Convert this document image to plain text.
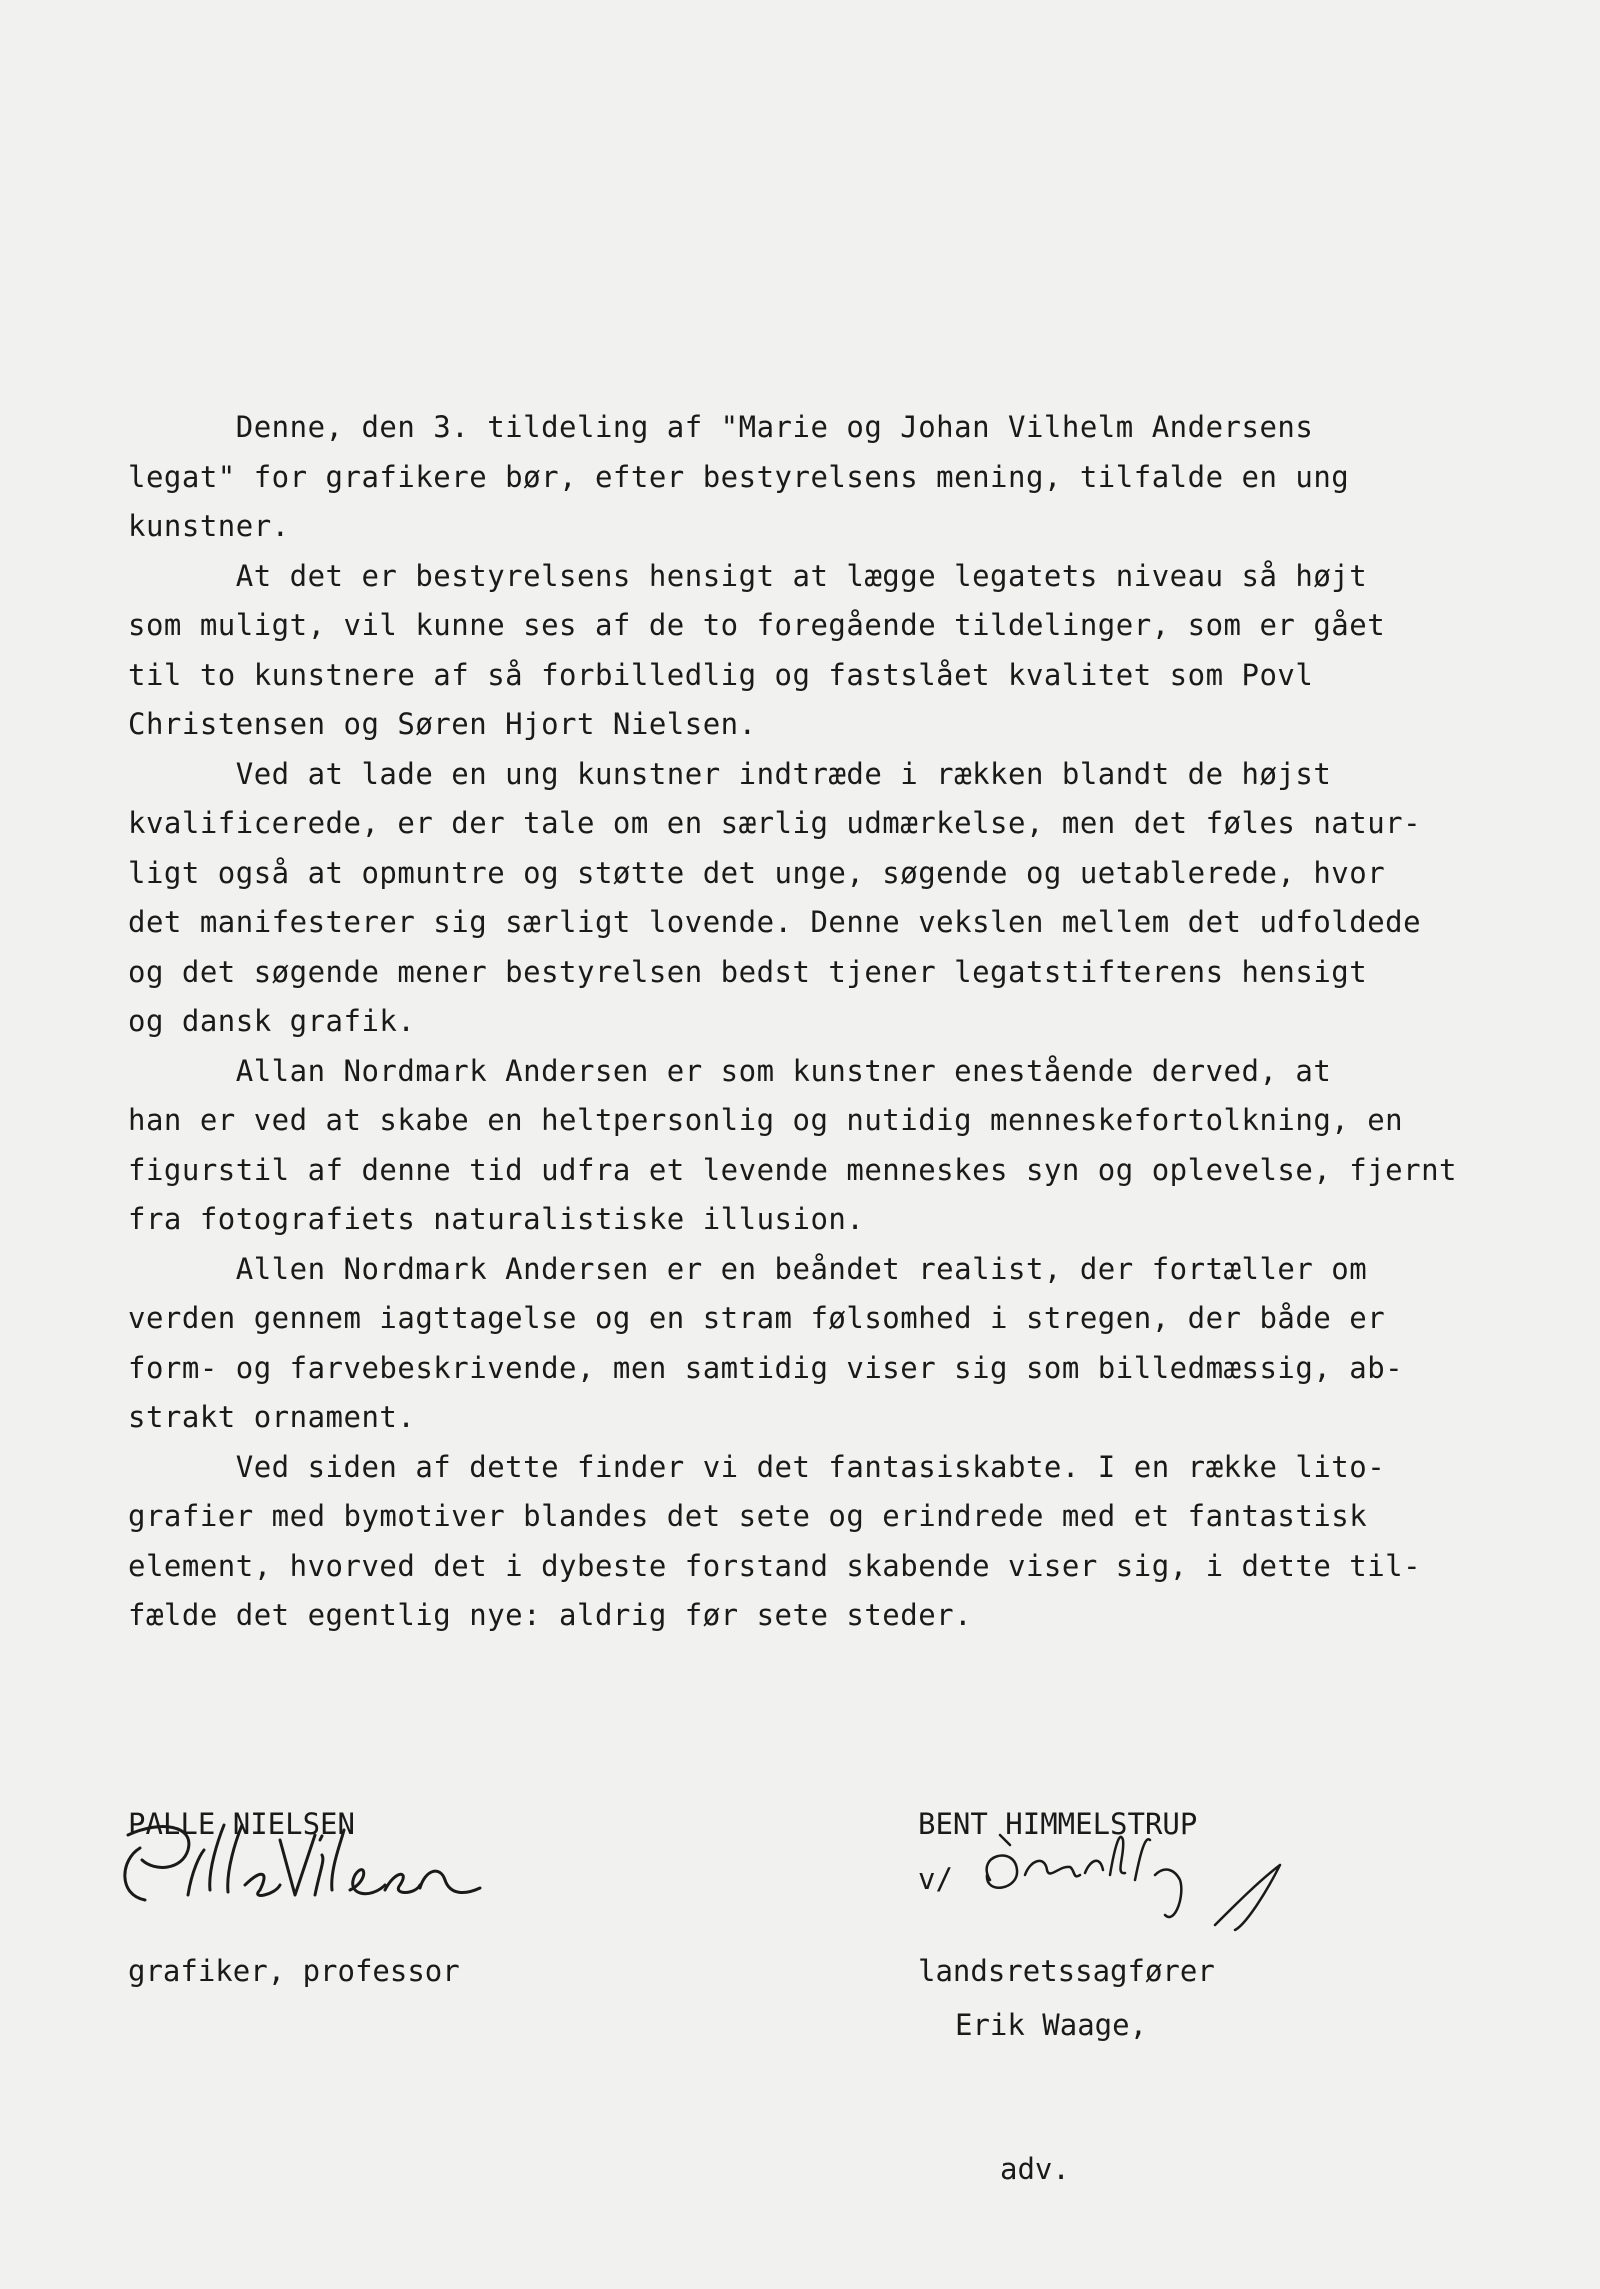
Denne, den 3. tildeling af "Marie og Johan Vilhelm Andersens
legat" for grafikere bør, efter bestyrelsens mening, tilfalde en ung
kunstner.
At det er bestyrelsens hensigt at lægge legatets niveau så højt
som muligt, vil kunne ses af de to foregående tildelinger, som er gået
til to kunstnere af så forbilledlig og fastslået kvalitet som Povl
Christensen og Søren Hjort Nielsen.
Ved at lade en ung kunstner indtræde i rækken blandt de højst
kvalificerede, er der tale om en særlig udmærkelse, men det føles natur-
ligt også at opmuntre og støtte det unge, søgende og uetablerede, hvor
det manifesterer sig særligt lovende. Denne vekslen mellem det udfoldede
og det søgende mener bestyrelsen bedst tjener legatstifterens hensigt
og dansk grafik.
Allan Nordmark Andersen er som kunstner enestående derved, at
han er ved at skabe en heltpersonlig og nutidig menneskefortolkning, en
figurstil af denne tid udfra et levende menneskes syn og oplevelse, fjernt
fra fotografiets naturalistiske illusion.
Allen Nordmark Andersen er en beåndet realist, der fortæller om
verden gennem iagttagelse og en stram følsomhed i stregen, der både er
form- og farvebeskrivende, men samtidig viser sig som billedmæssig, ab-
strakt ornament.
Ved siden af dette finder vi det fantasiskabte. I en række lito-
grafier med bymotiver blandes det sete og erindrede med et fantastisk
element, hvorved det i dybeste forstand skabende viser sig, i dette til-
fælde det egentlig nye: aldrig før sete steder.

PALLE NIELSEN

grafiker, professor

BENT HIMMELSTRUP

landsretssagfører

v/

Erik Waage,

adv.
